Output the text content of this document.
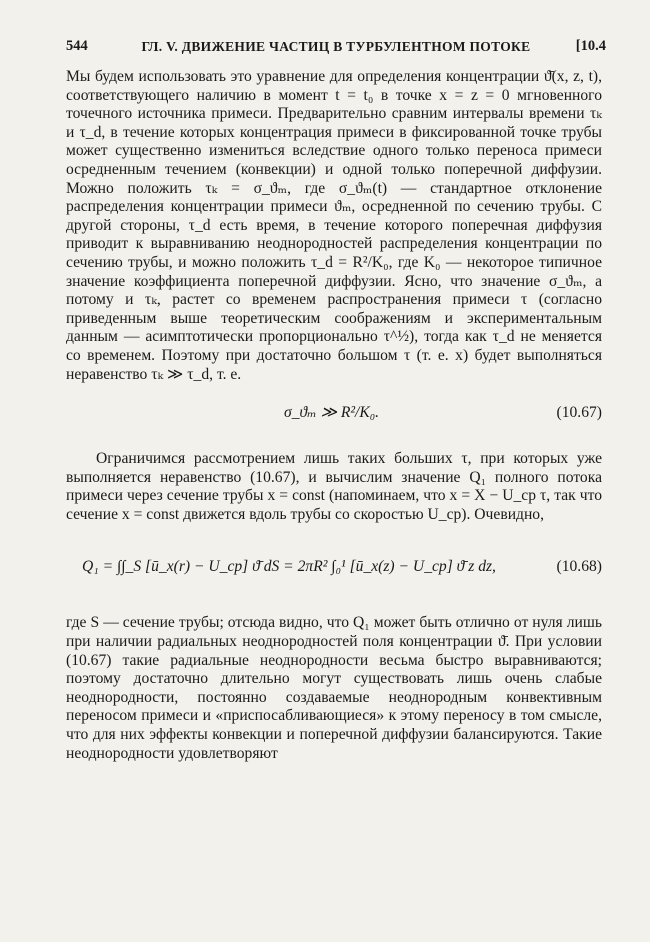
544	ГЛ. V. ДВИЖЕНИЕ ЧАСТИЦ В ТУРБУЛЕНТНОМ ПОТОКЕ	[10.4

Мы будем использовать это уравнение для определения концентрации ϑ̄(x, z, t), соответствующего наличию в момент t = t₀ в точке x = z = 0 мгновенного точечного источника примеси. Предварительно сравним интервалы времени τₖ и τ_d, в течение которых концентрация примеси в фиксированной точке трубы может существенно измениться вследствие одного только переноса примеси осредненным течением (конвекции) и одной только поперечной диффузии. Можно положить τₖ = σ_ϑₘ, где σ_ϑₘ(t) — стандартное отклонение распределения концентрации примеси ϑₘ, осредненной по сечению трубы. С другой стороны, τ_d есть время, в течение которого поперечная диффузия приводит к выравниванию неоднородностей распределения концентрации по сечению трубы, и можно положить τ_d = R²/K₀, где K₀ — некоторое типичное значение коэффициента поперечной диффузии. Ясно, что значение σ_ϑₘ, а потому и τₖ, растет со временем распространения примеси τ (согласно приведенным выше теоретическим соображениям и экспериментальным данным — асимптотически пропорционально τ^½), тогда как τ_d не меняется со временем. Поэтому при достаточно большом τ (т. е. x) будет выполняться неравенство τₖ ≫ τ_d, т. е.

σ_ϑₘ ≫ R²/K₀.	(10.67)

Ограничимся рассмотрением лишь таких больших τ, при которых уже выполняется неравенство (10.67), и вычислим значение Q₁ полного потока примеси через сечение трубы x = const (напоминаем, что x = X − U_cp τ, так что сечение x = const движется вдоль трубы со скоростью U_cp). Очевидно,

Q₁ = ∫∫_S [ū_x(r) − U_cp] ϑ̄ dS = 2πR² ∫₀¹ [ū_x(z) − U_cp] ϑ̄ z dz,	(10.68)

где S — сечение трубы; отсюда видно, что Q₁ может быть отлично от нуля лишь при наличии радиальных неоднородностей поля концентрации ϑ̄. При условии (10.67) такие радиальные неоднородности весьма быстро выравниваются; поэтому достаточно длительно могут существовать лишь очень слабые неоднородности, постоянно создаваемые неоднородным конвективным переносом примеси и «приспосабливающиеся» к этому переносу в том смысле, что для них эффекты конвекции и поперечной диффузии балансируются. Такие неоднородности удовлетворяют
